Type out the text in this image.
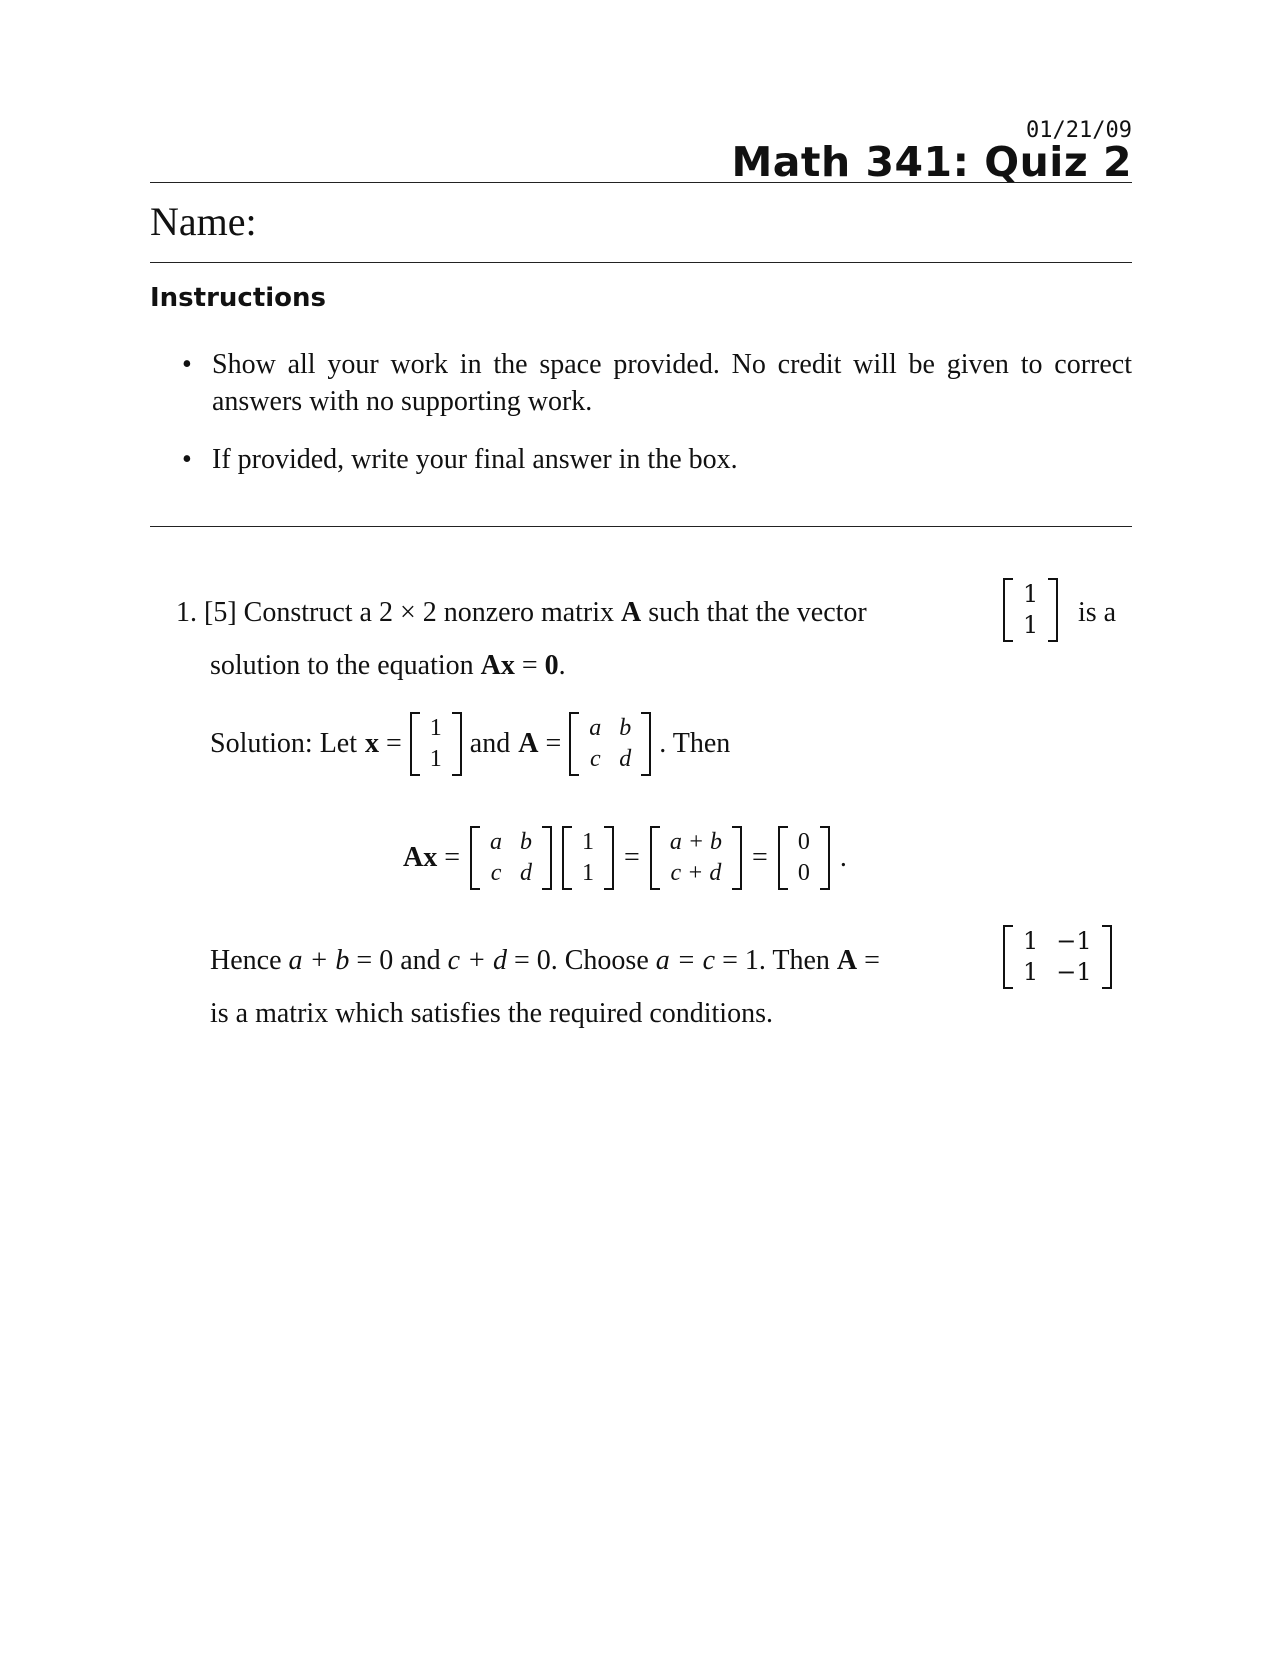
01/21/09
Math 341: Quiz 2
Name:
Instructions
• Show all your work in the space provided. No credit will be given to correct answers with no supporting work.
• If provided, write your final answer in the box.
1. [5] Construct a 2 × 2 nonzero matrix A such that the vector
1
1 is a
solution to the equation Ax = 0.
Solution: Let x = 1
1 and A = a b
c d . Then
Ax = a b
c d
1
1 = a + b
c + d = 0
0 .
Hence a + b = 0 and c + d = 0. Choose a = c = 1. Then A =
1 −1
1 −1
is a matrix which satisfies the required conditions.
